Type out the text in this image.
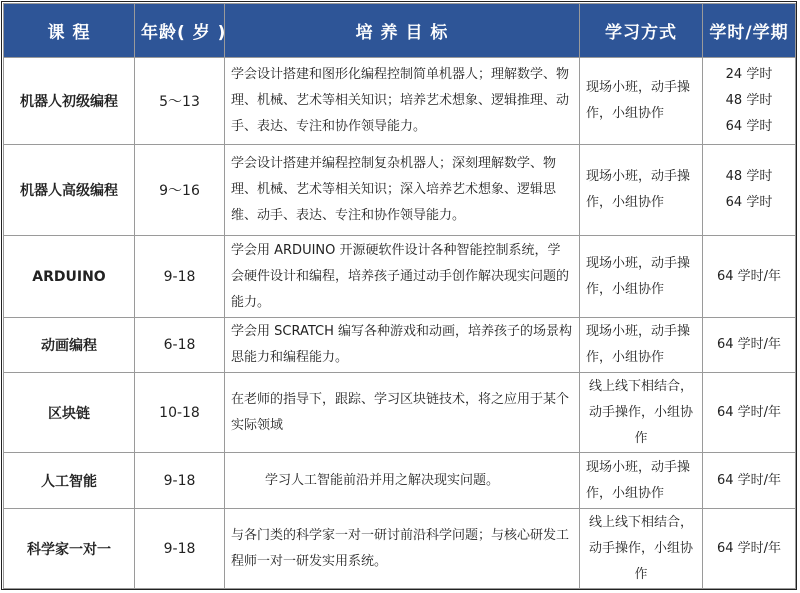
课 程	年龄( 岁 )	培 养 目 标	学习方式	学时/学期
机器人初级编程	5～13	学会设计搭建和图形化编程控制简单机器人；理解数学、物理、机械、艺术等相关知识；培养艺术想象、逻辑推理、动手、表达、专注和协作领导能力。	现场小班，动手操作，小组协作	24 学时
48 学时
64 学时

机器人高级编程	9～16	学会设计搭建并编程控制复杂机器人；深刻理解数学、物理、机械、艺术等相关知识；深入培养艺术想象、逻辑思维、动手、表达、专注和协作领导能力。	现场小班，动手操作，小组协作	48 学时
64 学时

ARDUINO	9-18	学会用 ARDUINO 开源硬软件设计各种智能控制系统，学会硬件设计和编程，培养孩子通过动手创作解决现实问题的能力。	现场小班，动手操作，小组协作	64 学时/年

动画编程	6-18	学会用 SCRATCH 编写各种游戏和动画，培养孩子的场景构思能力和编程能力。	现场小班，动手操作，小组协作	64 学时/年

区块链	10-18	在老师的指导下，跟踪、学习区块链技术，将之应用于某个实际领域	线上线下相结合，动手操作，小组协作	64 学时/年

人工智能	9-18	学习人工智能前沿并用之解决现实问题。	现场小班，动手操作，小组协作	64 学时/年

科学家一对一	9-18	与各门类的科学家一对一研讨前沿科学问题；与核心研发工程师一对一研发实用系统。	线上线下相结合，动手操作，小组协作	64 学时/年
